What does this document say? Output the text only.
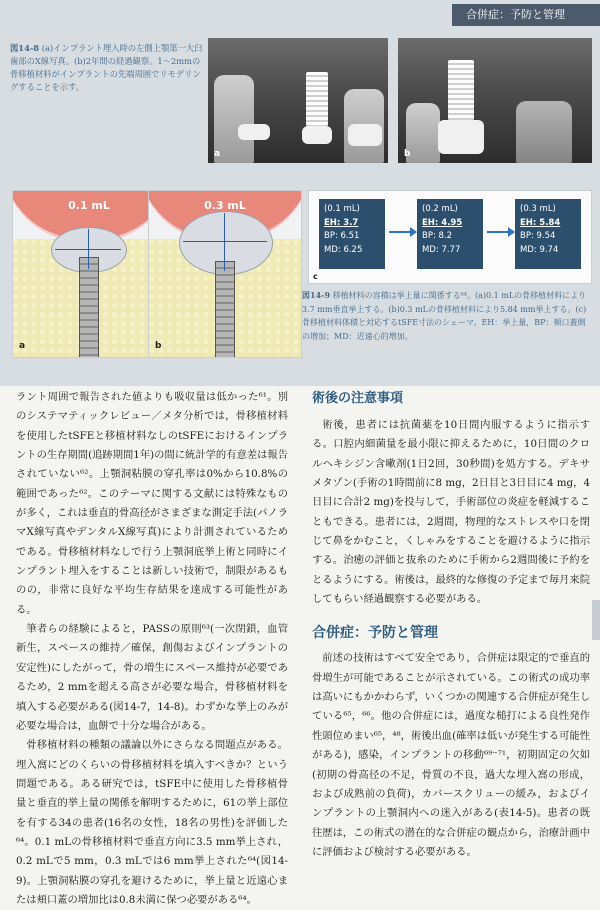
合併症：予防と管理
図14-8 (a)インプラント埋入時の左側上顎第一大臼歯部のX線写真。(b)2年間の経過観察。1～2mmの骨移植材料がインプラントの先端周囲でリモデリングすることを示す。
a	b
0.1 mL
a
0.3 mL
b
(0.1 mL)
EH: 3.7
BP: 6.51
MD: 6.25
(0.2 mL)
EH: 4.95
BP: 8.2
MD: 7.77
(0.3 mL)
EH: 5.84
BP: 9.54
MD: 9.74
c
図14-9 移植材料の容積は挙上量に関係する⁶⁴。(a)0.1 mLの骨移植材料により3.7 mm垂直挙上する。(b)0.3 mLの骨移植材料により5.84 mm挙上する。(c)骨移植材料体積と対応するtSFE寸法のシェーマ。EH：挙上量，BP：頬口蓋側の増加；MD：近遠心的増加。

ラント周囲で報告された値よりも吸収量は低かった⁶¹。別のシステマティックレビュー／メタ分析では，骨移植材料を使用したtSFEと移植材料なしのtSFEにおけるインプラントの生存期間(追跡期間1年)の間に統計学的有意差は報告されていない⁶²。上顎洞粘膜の穿孔率は0%から10.8%の範囲であった⁶²。このテーマに関する文献には特殊なものが多く，これは垂直的骨高径がさまざまな測定手法(パノラマX線写真やデンタルX線写真)により計測されているためである。骨移植材料なしで行う上顎洞底挙上術と同時にインプラント埋入をすることは新しい技術で，制限があるものの，非常に良好な平均生存結果を達成する可能性がある。

筆者らの経験によると，PASSの原則⁶³(一次閉鎖，血管新生，スペースの維持／確保，創傷およびインプラントの安定性)にしたがって，骨の増生にスペース維持が必要であるため，2 mmを超える高さが必要な場合，骨移植材料を填入する必要がある(図14-7，14-8)。わずかな挙上のみが必要な場合は，血餅で十分な場合がある。

骨移植材料の種類の議論以外にさらなる問題点がある。埋入窩にどのくらいの骨移植材料を填入すべきか？という問題である。ある研究では，tSFE中に使用した骨移植骨量と垂直的挙上量の関係を解明するために，61の挙上部位を有する34の患者(16名の女性，18名の男性)を評価した⁶⁴。0.1 mLの骨移植材料で垂直方向に3.5 mm挙上され，0.2 mLで5 mm，0.3 mLでは6 mm挙上された⁶⁴(図14-9)。上顎洞粘膜の穿孔を避けるために，挙上量と近遠心または頬口蓋の増加比は0.8未満に保つ必要がある⁶⁴。

術後の注意事項

術後，患者には抗菌薬を10日間内服するように指示する。口腔内細菌量を最小限に抑えるために，10日間のクロルヘキシジン含嗽剤(1日2回，30秒間)を処方する。デキサメタゾン(手術の1時間前に8 mg，2日目と3日目に4 mg，4日目に合計2 mg)を投与して，手術部位の炎症を軽減することもできる。患者には，2週間，物理的なストレスや口を閉じて鼻をかむこと，くしゃみをすることを避けるように指示する。治癒の評価と抜糸のために手術から2週間後に予約をとるようにする。術後は，最終的な修復の予定まで毎月来院してもらい経過観察する必要がある。

合併症：予防と管理

前述の技術はすべて安全であり，合併症は限定的で垂直的骨増生が可能であることが示されている。この術式の成功率は高いにもかかわらず，いくつかの関連する合併症が発生している⁶⁵，⁶⁶。他の合併症には，過度な槌打による良性発作性頭位めまい⁶⁵，⁴⁸，術後出血(確率は低いが発生する可能性がある)，感染，インプラントの移動⁶⁹⁻⁷¹，初期固定の欠如(初期の骨高径の不足，骨質の不良，過大な埋入窩の形成，および成熟前の負荷)，カバースクリューの緩み，およびインプラントの上顎洞内への迷入がある(表14-5)。患者の既往歴は，この術式の潜在的な合併症の観点から，治療計画中に評価および検討する必要がある。
